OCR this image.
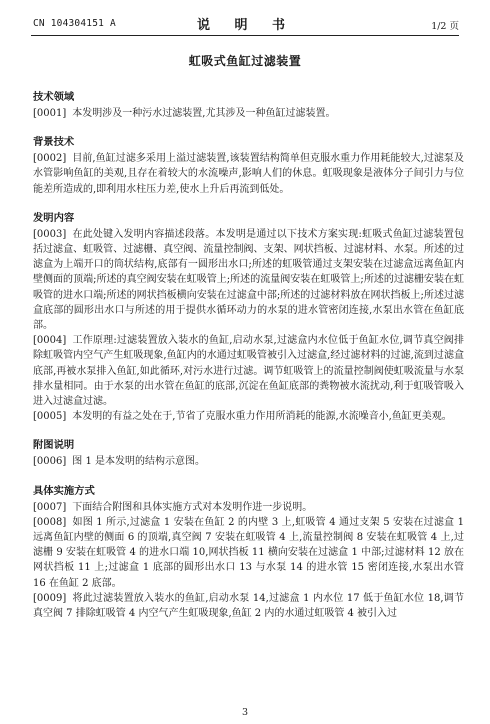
CN 104304151 A	说 明 书	1/2 页
虹吸式鱼缸过滤装置
技术领域

[0001] 本发明涉及一种污水过滤装置,尤其涉及一种鱼缸过滤装置。

背景技术

[0002] 目前,鱼缸过滤多采用上溢过滤装置,该装置结构简单但克服水重力作用耗能较大,过滤泵及水管影响鱼缸的美观,且存在着较大的水流噪声,影响人们的休息。虹吸现象是液体分子间引力与位能差所造成的,即利用水柱压力差,使水上升后再流到低处。

发明内容

[0003] 在此处键入发明内容描述段落。本发明是通过以下技术方案实现:虹吸式鱼缸过滤装置包括过滤盒、虹吸管、过滤栅、真空阀、流量控制阀、支架、网状挡板、过滤材料、水泵。所述的过滤盒为上端开口的筒状结构,底部有一圆形出水口;所述的虹吸管通过支架安装在过滤盒远离鱼缸内壁侧面的顶端;所述的真空阀安装在虹吸管上;所述的流量阀安装在虹吸管上;所述的过滤栅安装在虹吸管的进水口端;所述的网状挡板横向安装在过滤盒中部;所述的过滤材料放在网状挡板上;所述过滤盒底部的圆形出水口与所述的用于提供水循环动力的水泵的进水管密闭连接,水泵出水管在鱼缸底部。

[0004] 工作原理:过滤装置放入装水的鱼缸,启动水泵,过滤盒内水位低于鱼缸水位,调节真空阀排除虹吸管内空气产生虹吸现象,鱼缸内的水通过虹吸管被引入过滤盒,经过滤材料的过滤,流到过滤盒底部,再被水泵排入鱼缸,如此循环,对污水进行过滤。调节虹吸管上的流量控制阀使虹吸流量与水泵排水量相同。由于水泵的出水管在鱼缸的底部,沉淀在鱼缸底部的粪物被水流扰动,利于虹吸管吸入进入过滤盒过滤。

[0005] 本发明的有益之处在于,节省了克服水重力作用所消耗的能源,水流噪音小,鱼缸更美观。

附图说明

[0006] 图 1 是本发明的结构示意图。

具体实施方式

[0007] 下面结合附图和具体实施方式对本发明作进一步说明。

[0008] 如图 1 所示,过滤盒 1 安装在鱼缸 2 的内壁 3 上,虹吸管 4 通过支架 5 安装在过滤盒 1 远离鱼缸内壁的侧面 6 的顶端,真空阀 7 安装在虹吸管 4 上,流量控制阀 8 安装在虹吸管 4 上,过滤栅 9 安装在虹吸管 4 的进水口端 10,网状挡板 11 横向安装在过滤盒 1 中部;过滤材料 12 放在网状挡板 11 上;过滤盒 1 底部的圆形出水口 13 与水泵 14 的进水管 15 密闭连接,水泵出水管 16 在鱼缸 2 底部。

[0009] 将此过滤装置放入装水的鱼缸,启动水泵 14,过滤盒 1 内水位 17 低于鱼缸水位 18,调节真空阀 7 排除虹吸管 4 内空气产生虹吸现象,鱼缸 2 内的水通过虹吸管 4 被引入过

3
